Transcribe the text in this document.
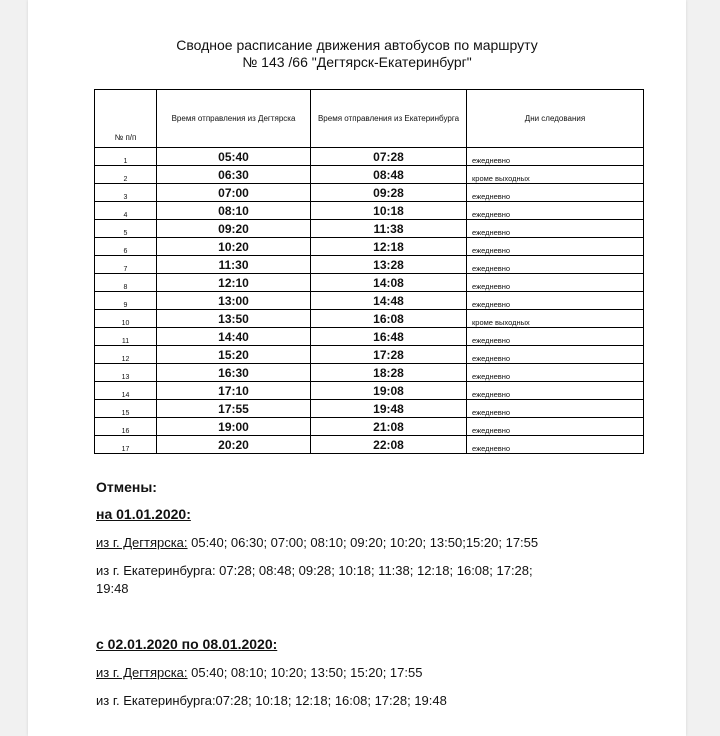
Сводное расписание движения автобусов по маршруту
№ 143 /66 "Дегтярск-Екатеринбург"
№ п/п	Время отправления из Дегтярска	Время отправления из Екатеринбурга	Дни следования
1	05:40	07:28	ежедневно
2	06:30	08:48	кроме выходных
3	07:00	09:28	ежедневно
4	08:10	10:18	ежедневно
5	09:20	11:38	ежедневно
6	10:20	12:18	ежедневно
7	11:30	13:28	ежедневно
8	12:10	14:08	ежедневно
9	13:00	14:48	ежедневно
10	13:50	16:08	кроме выходных
11	14:40	16:48	ежедневно
12	15:20	17:28	ежедневно
13	16:30	18:28	ежедневно
14	17:10	19:08	ежедневно
15	17:55	19:48	ежедневно
16	19:00	21:08	ежедневно
17	20:20	22:08	ежедневно
Отмены:
на 01.01.2020:
из г. Дегтярска: 05:40; 06:30; 07:00; 08:10; 09:20; 10:20; 13:50;15:20; 17:55
из г. Екатеринбурга: 07:28; 08:48; 09:28; 10:18; 11:38; 12:18; 16:08; 17:28;
19:48
с 02.01.2020 по 08.01.2020:
из г. Дегтярска: 05:40; 08:10; 10:20; 13:50; 15:20; 17:55
из г. Екатеринбурга:07:28; 10:18; 12:18; 16:08; 17:28; 19:48
